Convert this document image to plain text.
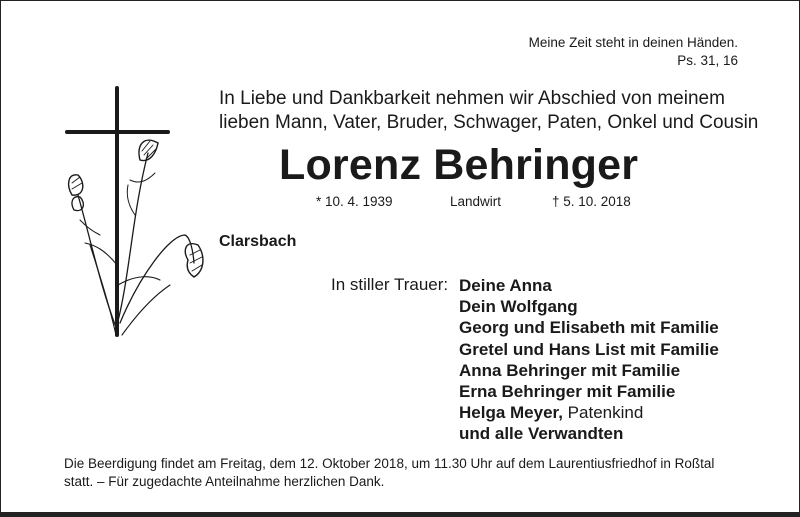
Meine Zeit steht in deinen Händen.
Ps. 31, 16
In Liebe und Dankbarkeit nehmen wir Abschied von meinem
lieben Mann, Vater, Bruder, Schwager, Paten, Onkel und Cousin
Lorenz Behringer
* 10. 4. 1939	Landwirt	† 5. 10. 2018
Clarsbach
In stiller Trauer: Deine Anna
Dein Wolfgang
Georg und Elisabeth mit Familie
Gretel und Hans List mit Familie
Anna Behringer mit Familie
Erna Behringer mit Familie
Helga Meyer, Patenkind
und alle Verwandten
Die Beerdigung findet am Freitag, dem 12. Oktober 2018, um 11.30 Uhr auf dem Laurentiusfriedhof in Roßtal
statt. – Für zugedachte Anteilnahme herzlichen Dank.
